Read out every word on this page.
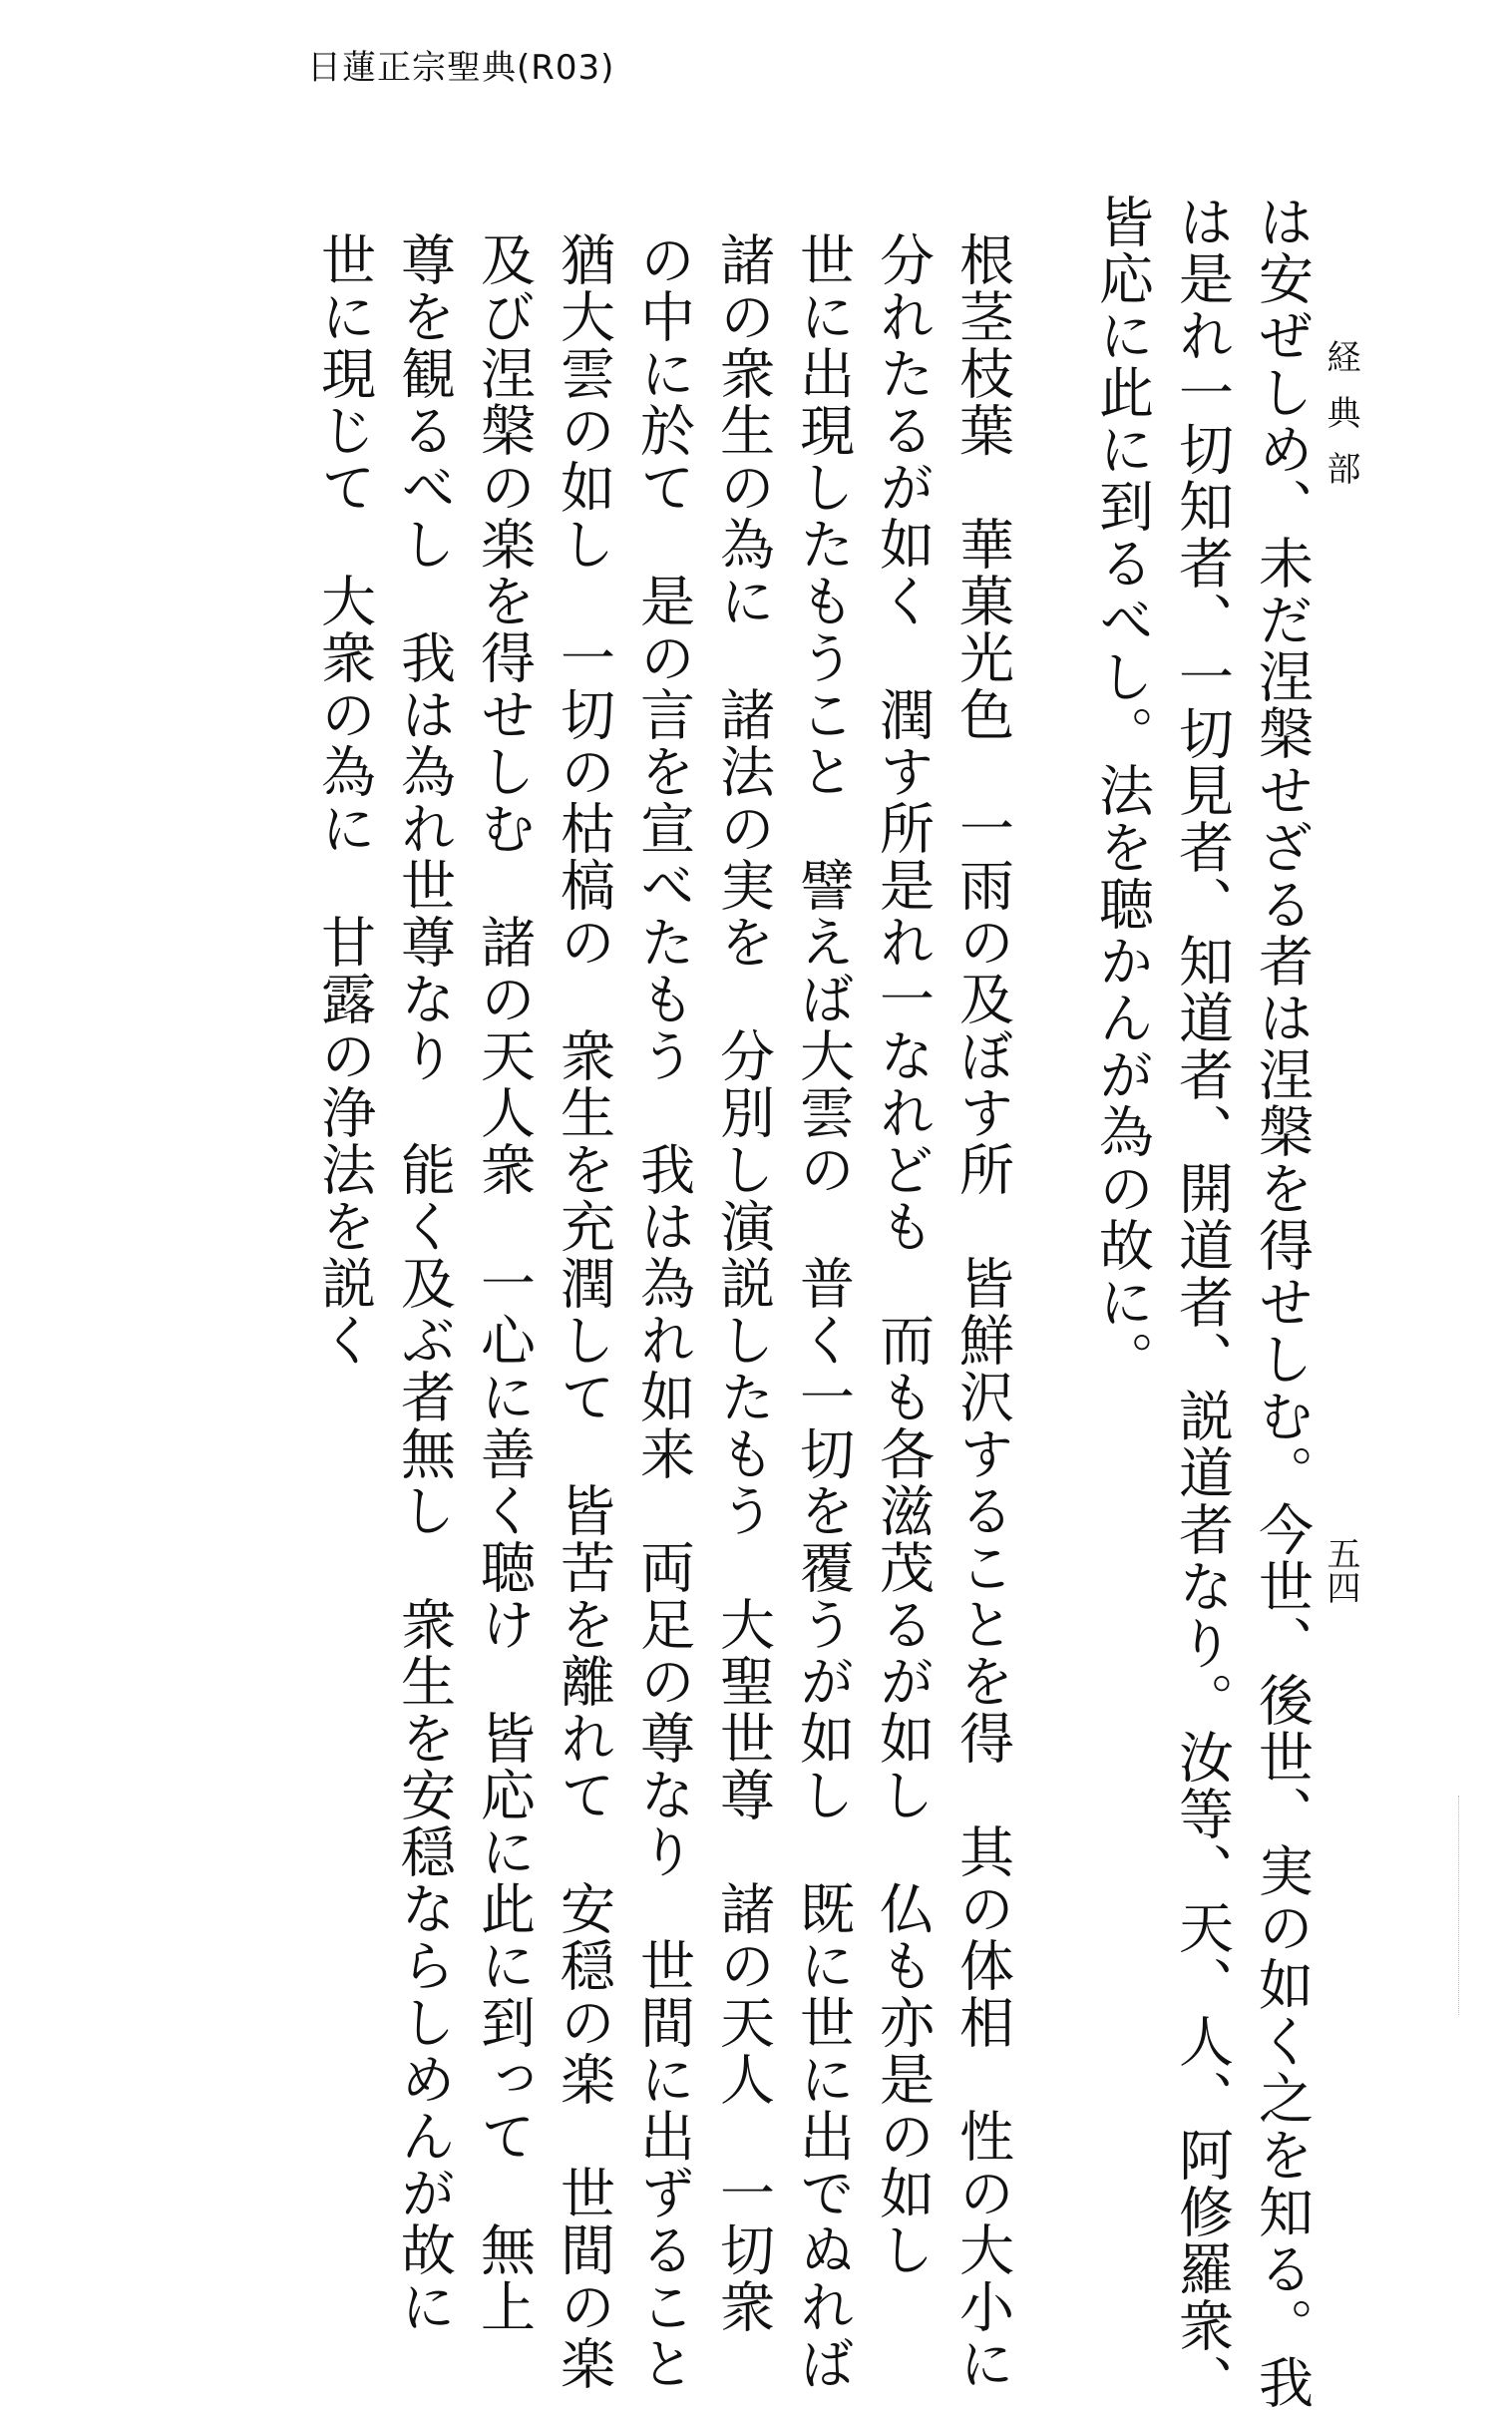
日蓮正宗聖典(R03)
経典部
五四
は安ぜしめ、未だ涅槃せざる者は涅槃を得せしむ。今世、後世、実の如く之を知る。我
は是れ一切知者、一切見者、知道者、開道者、説道者なり。汝等、天、人、阿修羅衆、
皆応に此に到るべし。法を聴かんが為の故に。
根茎枝葉　華菓光色　一雨の及ぼす所　皆鮮沢することを得　其の体相　性の大小に
分れたるが如く　潤す所是れ一なれども　而も各滋茂るが如し　仏も亦是の如し
世に出現したもうこと　譬えば大雲の　普く一切を覆うが如し　既に世に出でぬれば
諸の衆生の為に　諸法の実を　分別し演説したもう　大聖世尊　諸の天人　一切衆
の中に於て　是の言を宣べたもう　我は為れ如来　両足の尊なり　世間に出ずること
猶大雲の如し　一切の枯槁の　衆生を充潤して　皆苦を離れて　安穏の楽　世間の楽
及び涅槃の楽を得せしむ　諸の天人衆　一心に善く聴け　皆応に此に到って　無上
尊を観るべし　我は為れ世尊なり　能く及ぶ者無し　衆生を安穏ならしめんが故に
世に現じて　大衆の為に　甘露の浄法を説く
